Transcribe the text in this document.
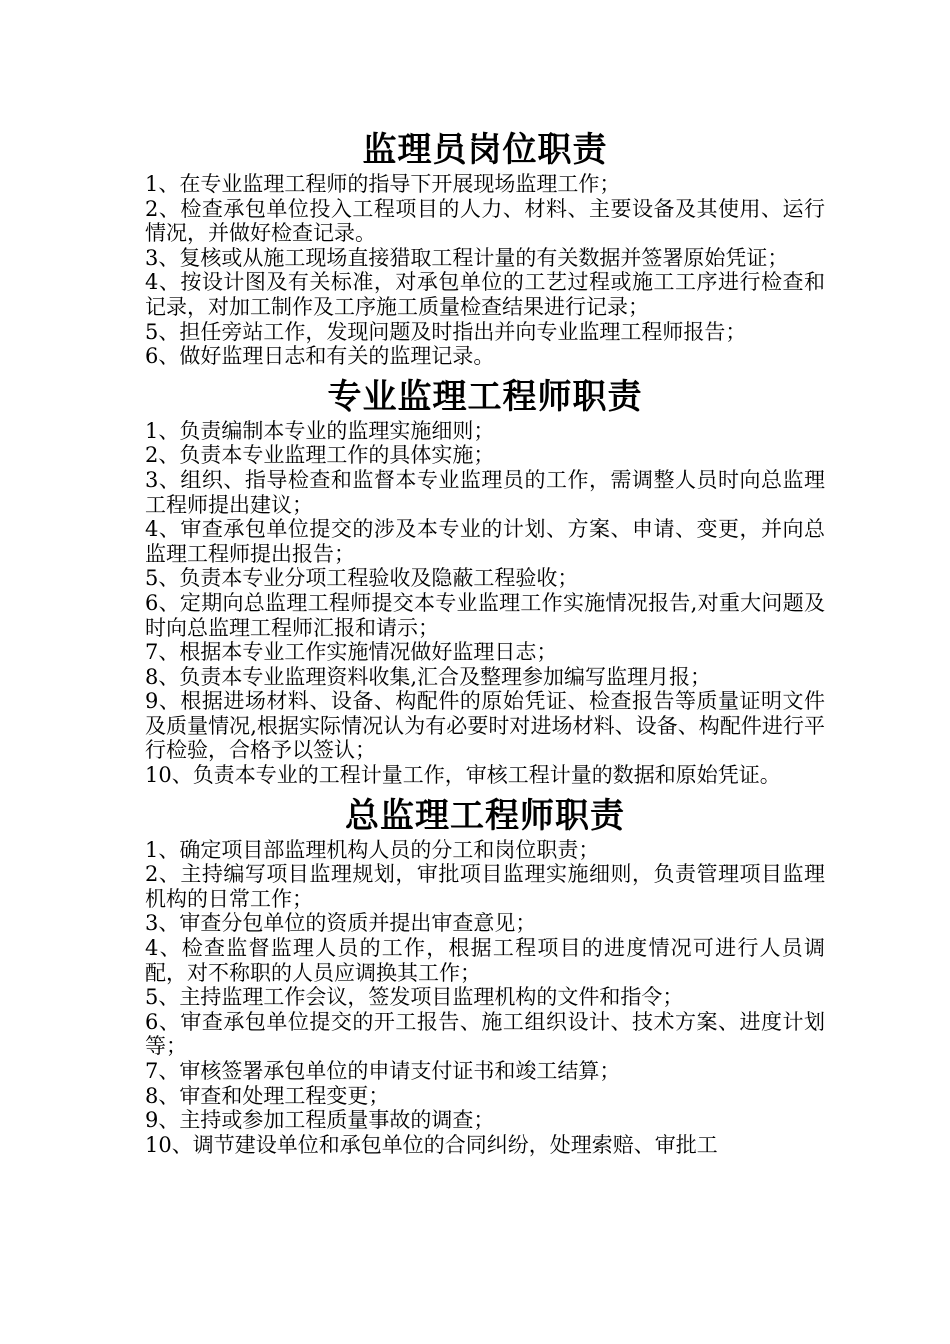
监理员岗位职责
1、在专业监理工程师的指导下开展现场监理工作；
2、检查承包单位投入工程项目的人力、材料、主要设备及其使用、运行情况，并做好检查记录。
3、复核或从施工现场直接猎取工程计量的有关数据并签署原始凭证；
4、按设计图及有关标准，对承包单位的工艺过程或施工工序进行检查和记录，对加工制作及工序施工质量检查结果进行记录；
5、担任旁站工作，发现问题及时指出并向专业监理工程师报告；
6、做好监理日志和有关的监理记录。
专业监理工程师职责
1、负责编制本专业的监理实施细则；
2、负责本专业监理工作的具体实施；
3、组织、指导检查和监督本专业监理员的工作，需调整人员时向总监理 工程师提出建议；
4、审查承包单位提交的涉及本专业的计划、方案、申请、变更，并向总监理工程师提出报告；
5、负责本专业分项工程验收及隐蔽工程验收；
6、定期向总监理工程师提交本专业监理工作实施情况报告,对重大问题及时向总监理工程师汇报和请示；
7、根据本专业工作实施情况做好监理日志；
8、负责本专业监理资料收集,汇合及整理参加编写监理月报；
9、根据进场材料、设备、构配件的原始凭证、检查报告等质量证明文件及质量情况,根据实际情况认为有必要时对进场材料、设备、构配件进行平行检验，合格予以签认；
10、负责本专业的工程计量工作，审核工程计量的数据和原始凭证。
总监理工程师职责
1、确定项目部监理机构人员的分工和岗位职责；
2、主持编写项目监理规划，审批项目监理实施细则，负责管理项目监理机构的日常工作；
3、审查分包单位的资质并提出审查意见；
4、检查监督监理人员的工作，根据工程项目的进度情况可进行人员调配，对不称职的人员应调换其工作；
5、主持监理工作会议，签发项目监理机构的文件和指令；
6、审查承包单位提交的开工报告、施工组织设计、技术方案、进度计划等；
7、审核签署承包单位的申请支付证书和竣工结算；
8、审查和处理工程变更；
9、主持或参加工程质量事故的调查；
10、调节建设单位和承包单位的合同纠纷，处理索赔、审批工
